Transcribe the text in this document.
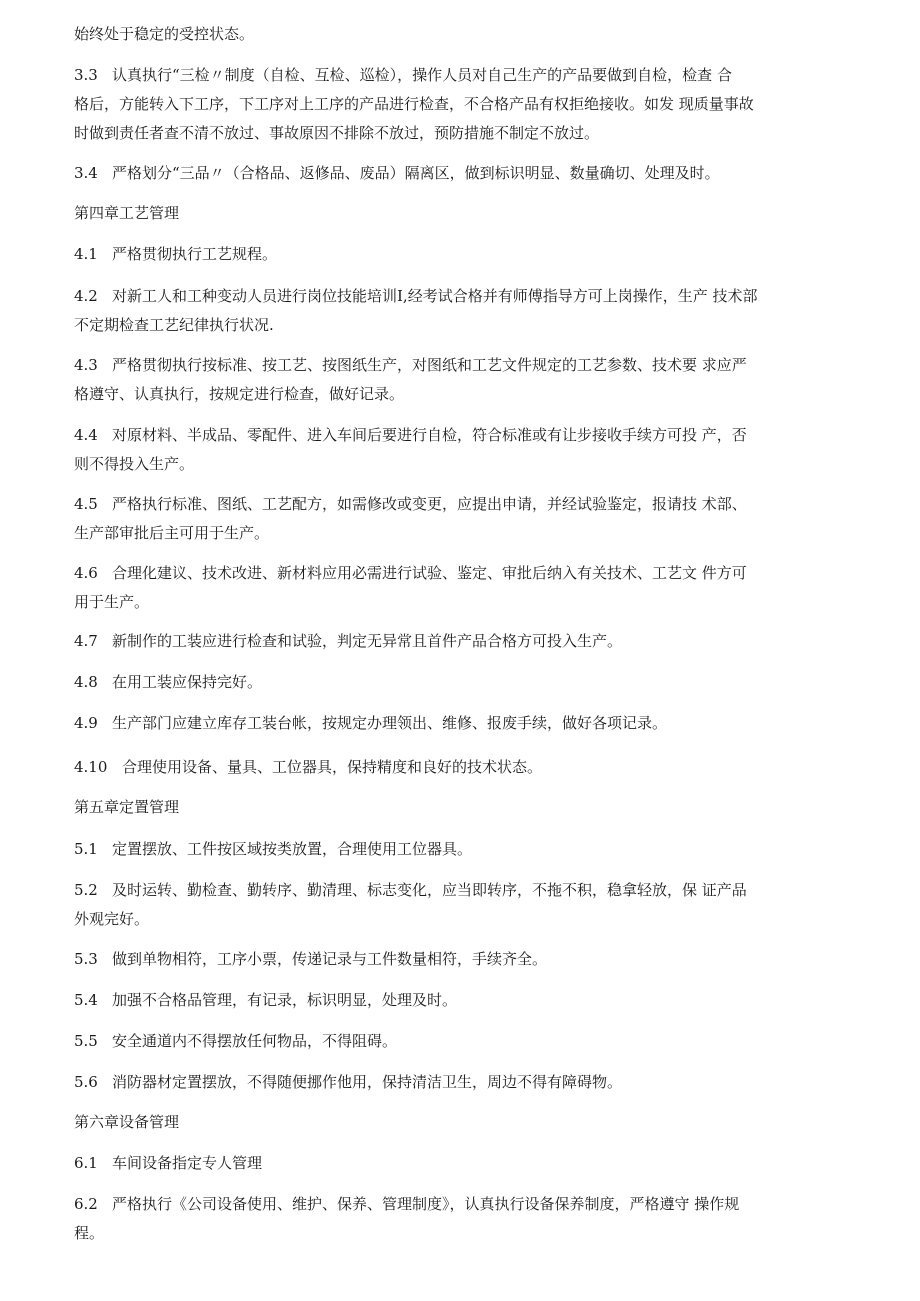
始终处于稳定的受控状态。
3.3 认真执行“三检〃制度（自检、互检、巡检），操作人员对自己生产的产品要做到自检，检查 合
格后，方能转入下工序，下工序对上工序的产品进行检查，不合格产品有权拒绝接收。如发 现质量事故
时做到责任者查不清不放过、事故原因不排除不放过，预防措施不制定不放过。
3.4 严格划分“三品〃（合格品、返修品、废品）隔离区，做到标识明显、数量确切、处理及时。
第四章工艺管理
4.1 严格贯彻执行工艺规程。
4.2 对新工人和工种变动人员进行岗位技能培训I,经考试合格并有师傅指导方可上岗操作，生产 技术部
不定期检查工艺纪律执行状况.
4.3 严格贯彻执行按标准、按工艺、按图纸生产，对图纸和工艺文件规定的工艺参数、技术要 求应严
格遵守、认真执行，按规定进行检查，做好记录。
4.4 对原材料、半成品、零配件、进入车间后要进行自检，符合标准或有让步接收手续方可投 产，否
则不得投入生产。
4.5 严格执行标准、图纸、工艺配方，如需修改或变更，应提出申请，并经试验鉴定，报请技 术部、
生产部审批后主可用于生产。
4.6 合理化建议、技术改进、新材料应用必需进行试验、鉴定、审批后纳入有关技术、工艺文 件方可
用于生产。
4.7 新制作的工装应进行检查和试验，判定无异常且首件产品合格方可投入生产。
4.8 在用工装应保持完好。
4.9 生产部门应建立库存工装台帐，按规定办理领出、维修、报废手续，做好各项记录。
4.10 合理使用设备、量具、工位器具，保持精度和良好的技术状态。
第五章定置管理
5.1 定置摆放、工件按区域按类放置，合理使用工位器具。
5.2 及时运转、勤检查、勤转序、勤清理、标志变化，应当即转序，不拖不积，稳拿轻放，保 证产品
外观完好。
5.3 做到单物相符，工序小票，传递记录与工件数量相符，手续齐全。
5.4 加强不合格品管理，有记录，标识明显，处理及时。
5.5 安全通道内不得摆放任何物品，不得阻碍。
5.6 消防器材定置摆放，不得随便挪作他用，保持清洁卫生，周边不得有障碍物。
第六章设备管理
6.1 车间设备指定专人管理
6.2 严格执行《公司设备使用、维护、保养、管理制度》，认真执行设备保养制度，严格遵守 操作规
程。
